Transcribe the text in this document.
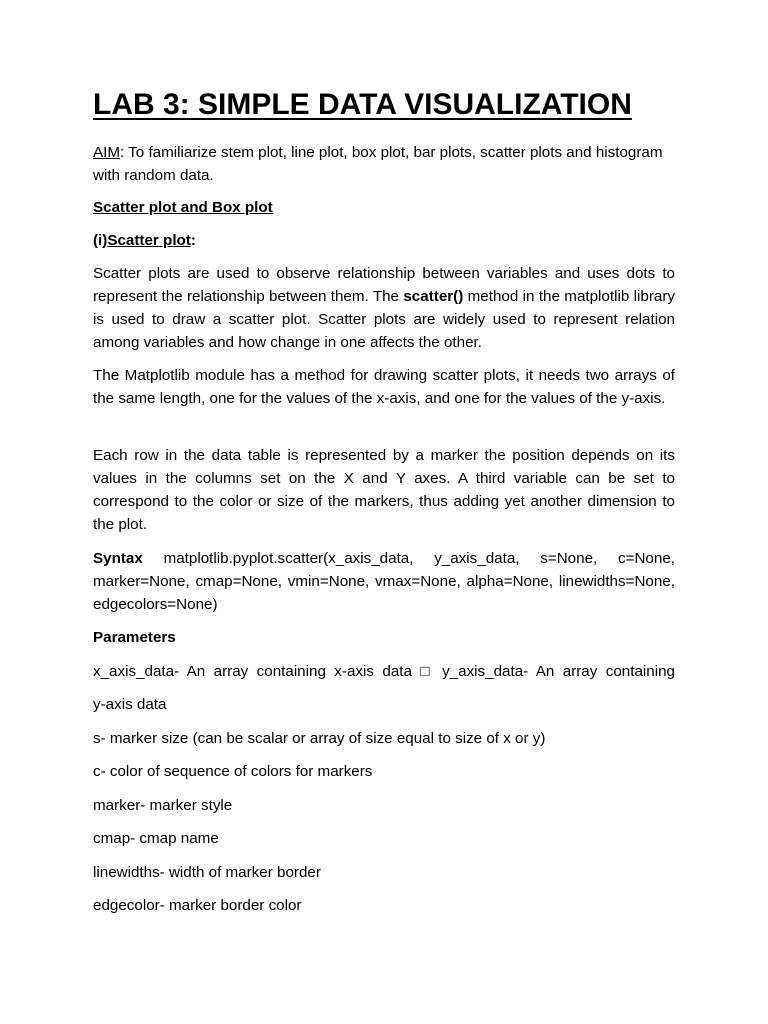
LAB 3: SIMPLE DATA VISUALIZATION

AIM: To familiarize stem plot, line plot, box plot, bar plots, scatter plots and histogram with random data.

Scatter plot and Box plot

(i)Scatter plot:

Scatter plots are used to observe relationship between variables and uses dots to represent the relationship between them. The scatter() method in the matplotlib library is used to draw a scatter plot. Scatter plots are widely used to represent relation among variables and how change in one affects the other.

The Matplotlib module has a method for drawing scatter plots, it needs two arrays of the same length, one for the values of the x-axis, and one for the values of the y-axis.

Each row in the data table is represented by a marker the position depends on its values in the columns set on the X and Y axes. A third variable can be set to correspond to the color or size of the markers, thus adding yet another dimension to the plot.

Syntax matplotlib.pyplot.scatter(x_axis_data, y_axis_data, s=None, c=None, marker=None, cmap=None, vmin=None, vmax=None, alpha=None, linewidths=None, edgecolors=None)

Parameters

x_axis_data- An array containing x-axis data □ y_axis_data- An array containing

y-axis data

s- marker size (can be scalar or array of size equal to size of x or y)

c- color of sequence of colors for markers

marker- marker style

cmap- cmap name

linewidths- width of marker border

edgecolor- marker border color
